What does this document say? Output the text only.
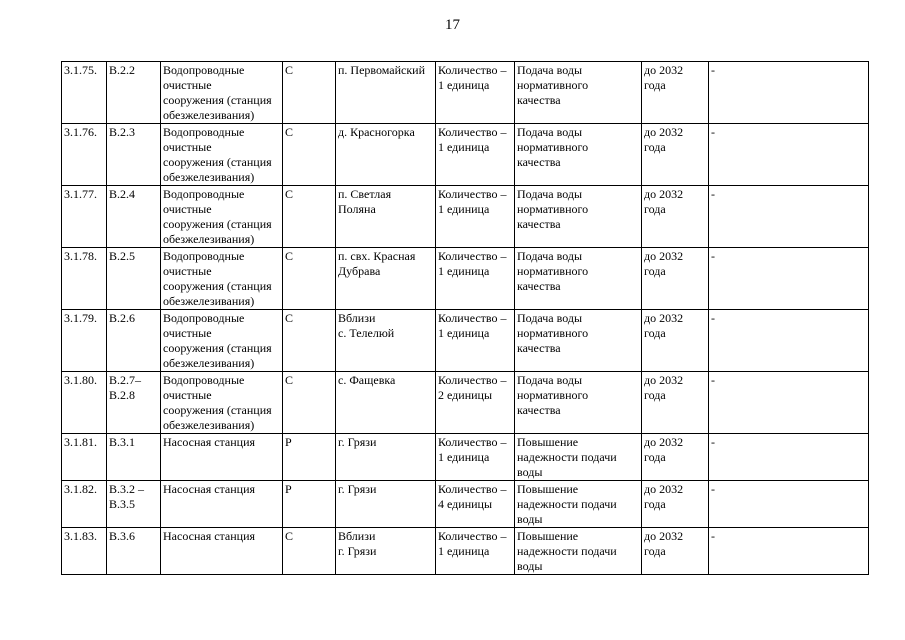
17
3.1.75.	В.2.2	Водопроводные
очистные
сооружения (станция
обезжелезивания)	С	п. Первомайский	Количество –
1 единица	Подача воды
нормативного
качества	до 2032
года	-
3.1.76.	В.2.3	Водопроводные
очистные
сооружения (станция
обезжелезивания)	С	д. Красногорка	Количество –
1 единица	Подача воды
нормативного
качества	до 2032
года	-
3.1.77.	В.2.4	Водопроводные
очистные
сооружения (станция
обезжелезивания)	С	п. Светлая
Поляна	Количество –
1 единица	Подача воды
нормативного
качества	до 2032
года	-
3.1.78.	В.2.5	Водопроводные
очистные
сооружения (станция
обезжелезивания)	С	п. свх. Красная
Дубрава	Количество –
1 единица	Подача воды
нормативного
качества	до 2032
года	-
3.1.79.	В.2.6	Водопроводные
очистные
сооружения (станция
обезжелезивания)	С	Вблизи
с. Телелюй	Количество –
1 единица	Подача воды
нормативного
качества	до 2032
года	-
3.1.80.	В.2.7–
В.2.8	Водопроводные
очистные
сооружения (станция
обезжелезивания)	С	с. Фащевка	Количество –
2 единицы	Подача воды
нормативного
качества	до 2032
года	-
3.1.81.	В.3.1	Насосная станция	Р	г. Грязи	Количество –
1 единица	Повышение
надежности подачи
воды	до 2032
года	-
3.1.82.	В.3.2 –
В.3.5	Насосная станция	Р	г. Грязи	Количество –
4 единицы	Повышение
надежности подачи
воды	до 2032
года	-
3.1.83.	В.3.6	Насосная станция	С	Вблизи
г. Грязи	Количество –
1 единица	Повышение
надежности подачи
воды	до 2032
года	-
